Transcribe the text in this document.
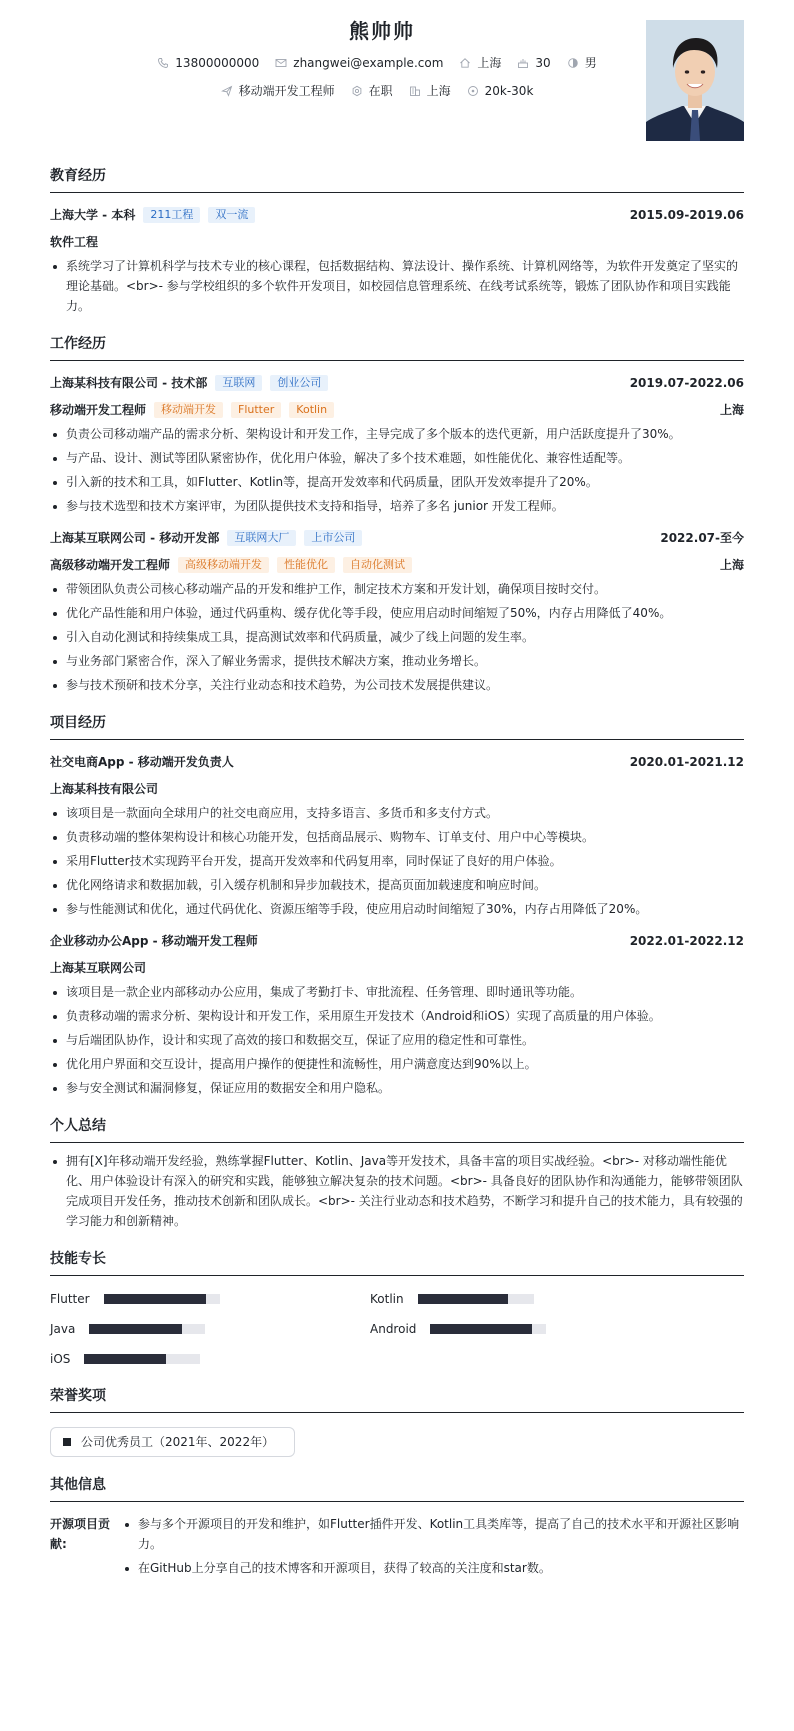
熊帅帅
13800000000	zhangwei@example.com	上海	30	男
移动端开发工程师	在职	上海	20k-30k
教育经历
上海大学 - 本科	211工程	双一流	2015.09-2019.06
软件工程
系统学习了计算机科学与技术专业的核心课程，包括数据结构、算法设计、操作系统、计算机网络等，为软件开发奠定了坚实的理论基础。<br>- 参与学校组织的多个软件开发项目，如校园信息管理系统、在线考试系统等，锻炼了团队协作和项目实践能力。
工作经历
上海某科技有限公司 - 技术部	互联网	创业公司	2019.07-2022.06
移动端开发工程师	移动端开发	Flutter	Kotlin	上海
负责公司移动端产品的需求分析、架构设计和开发工作，主导完成了多个版本的迭代更新，用户活跃度提升了30%。
与产品、设计、测试等团队紧密协作，优化用户体验，解决了多个技术难题，如性能优化、兼容性适配等。
引入新的技术和工具，如Flutter、Kotlin等，提高开发效率和代码质量，团队开发效率提升了20%。
参与技术选型和技术方案评审，为团队提供技术支持和指导，培养了多名 junior 开发工程师。
上海某互联网公司 - 移动开发部	互联网大厂	上市公司	2022.07-至今
高级移动端开发工程师	高级移动端开发	性能优化	自动化测试	上海
带领团队负责公司核心移动端产品的开发和维护工作，制定技术方案和开发计划，确保项目按时交付。
优化产品性能和用户体验，通过代码重构、缓存优化等手段，使应用启动时间缩短了50%，内存占用降低了40%。
引入自动化测试和持续集成工具，提高测试效率和代码质量，减少了线上问题的发生率。
与业务部门紧密合作，深入了解业务需求，提供技术解决方案，推动业务增长。
参与技术预研和技术分享，关注行业动态和技术趋势，为公司技术发展提供建议。
项目经历
社交电商App - 移动端开发负责人	2020.01-2021.12
上海某科技有限公司
该项目是一款面向全球用户的社交电商应用，支持多语言、多货币和多支付方式。
负责移动端的整体架构设计和核心功能开发，包括商品展示、购物车、订单支付、用户中心等模块。
采用Flutter技术实现跨平台开发，提高开发效率和代码复用率，同时保证了良好的用户体验。
优化网络请求和数据加载，引入缓存机制和异步加载技术，提高页面加载速度和响应时间。
参与性能测试和优化，通过代码优化、资源压缩等手段，使应用启动时间缩短了30%，内存占用降低了20%。
企业移动办公App - 移动端开发工程师	2022.01-2022.12
上海某互联网公司
该项目是一款企业内部移动办公应用，集成了考勤打卡、审批流程、任务管理、即时通讯等功能。
负责移动端的需求分析、架构设计和开发工作，采用原生开发技术（Android和iOS）实现了高质量的用户体验。
与后端团队协作，设计和实现了高效的接口和数据交互，保证了应用的稳定性和可靠性。
优化用户界面和交互设计，提高用户操作的便捷性和流畅性，用户满意度达到90%以上。
参与安全测试和漏洞修复，保证应用的数据安全和用户隐私。
个人总结
拥有[X]年移动端开发经验，熟练掌握Flutter、Kotlin、Java等开发技术，具备丰富的项目实战经验。<br>- 对移动端性能优化、用户体验设计有深入的研究和实践，能够独立解决复杂的技术问题。<br>- 具备良好的团队协作和沟通能力，能够带领团队完成项目开发任务，推动技术创新和团队成长。<br>- 关注行业动态和技术趋势，不断学习和提升自己的技术能力，具有较强的学习能力和创新精神。
技能专长
Flutter	Kotlin
Java	Android
iOS
荣誉奖项
公司优秀员工（2021年、2022年）
其他信息
开源项目贡献:
参与多个开源项目的开发和维护，如Flutter插件开发、Kotlin工具类库等，提高了自己的技术水平和开源社区影响力。
在GitHub上分享自己的技术博客和开源项目，获得了较高的关注度和star数。
